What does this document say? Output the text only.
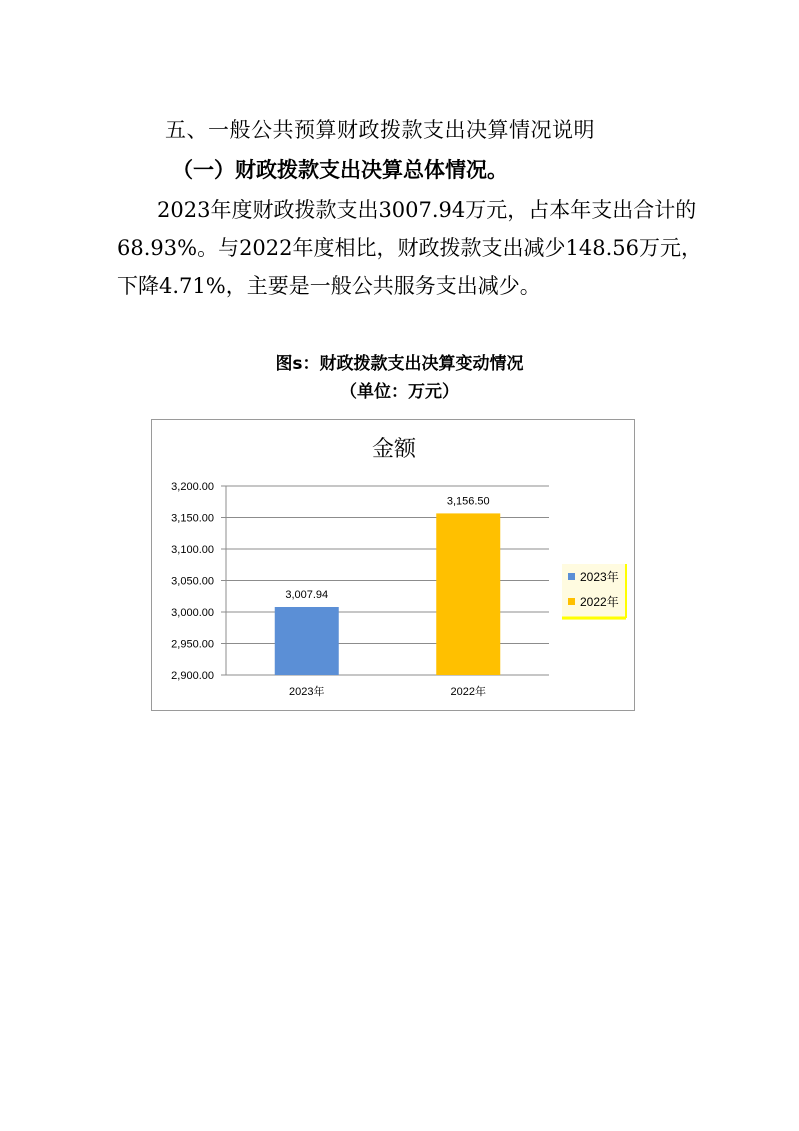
五、一般公共预算财政拨款支出决算情况说明
（一）财政拨款支出决算总体情况。
2023年度财政拨款支出3007.94万元，占本年支出合计的
68.93%。与2022年度相比，财政拨款支出减少148.56万元，
下降4.71%，主要是一般公共服务支出减少。
图s：财政拨款支出决算变动情况
（单位：万元）
金额
2,900.00
2,950.00
3,000.00
3,050.00
3,100.00
3,150.00
3,200.00
3,007.94
2023年
3,156.50
2022年
2023年
2022年
